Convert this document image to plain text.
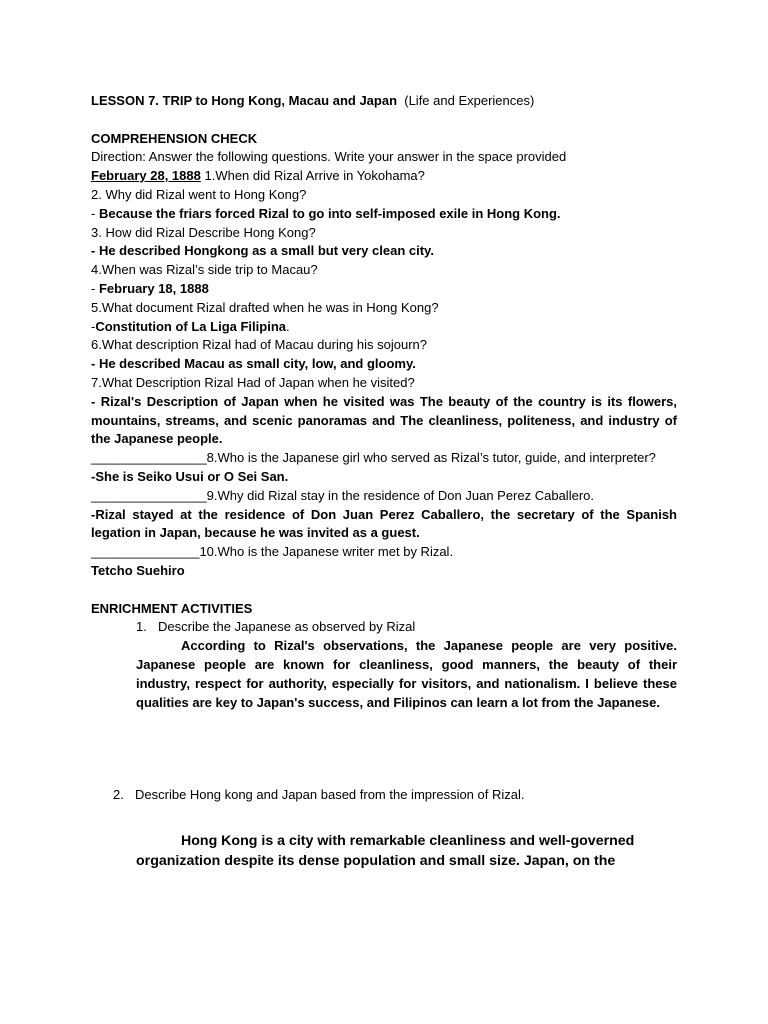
LESSON 7. TRIP to Hong Kong, Macau and Japan (Life and Experiences)
COMPREHENSION CHECK
Direction: Answer the following questions. Write your answer in the space provided
February 28, 1888 1.When did Rizal Arrive in Yokohama?
2. Why did Rizal went to Hong Kong?
- Because the friars forced Rizal to go into self-imposed exile in Hong Kong.
3. How did Rizal Describe Hong Kong?
- He described Hongkong as a small but very clean city.
4.When was Rizal’s side trip to Macau?
- February 18, 1888
5.What document Rizal drafted when he was in Hong Kong?
-Constitution of La Liga Filipina.
6.What description Rizal had of Macau during his sojourn?
- He described Macau as small city, low, and gloomy.
7.What Description Rizal Had of Japan when he visited?
- Rizal's Description of Japan when he visited was The beauty of the country is its flowers, mountains, streams, and scenic panoramas and The cleanliness, politeness, and industry of the Japanese people.
________________8.Who is the Japanese girl who served as Rizal’s tutor, guide, and interpreter?
-She is Seiko Usui or O Sei San.
________________9.Why did Rizal stay in the residence of Don Juan Perez Caballero.
-Rizal stayed at the residence of Don Juan Perez Caballero, the secretary of the Spanish legation in Japan, because he was invited as a guest.
_______________10.Who is the Japanese writer met by Rizal.
Tetcho Suehiro
ENRICHMENT ACTIVITIES
1. Describe the Japanese as observed by Rizal
According to Rizal's observations, the Japanese people are very positive. Japanese people are known for cleanliness, good manners, the beauty of their industry, respect for authority, especially for visitors, and nationalism. I believe these qualities are key to Japan's success, and Filipinos can learn a lot from the Japanese.
2. Describe Hong kong and Japan based from the impression of Rizal.
Hong Kong is a city with remarkable cleanliness and well-governed organization despite its dense population and small size. Japan, on the
